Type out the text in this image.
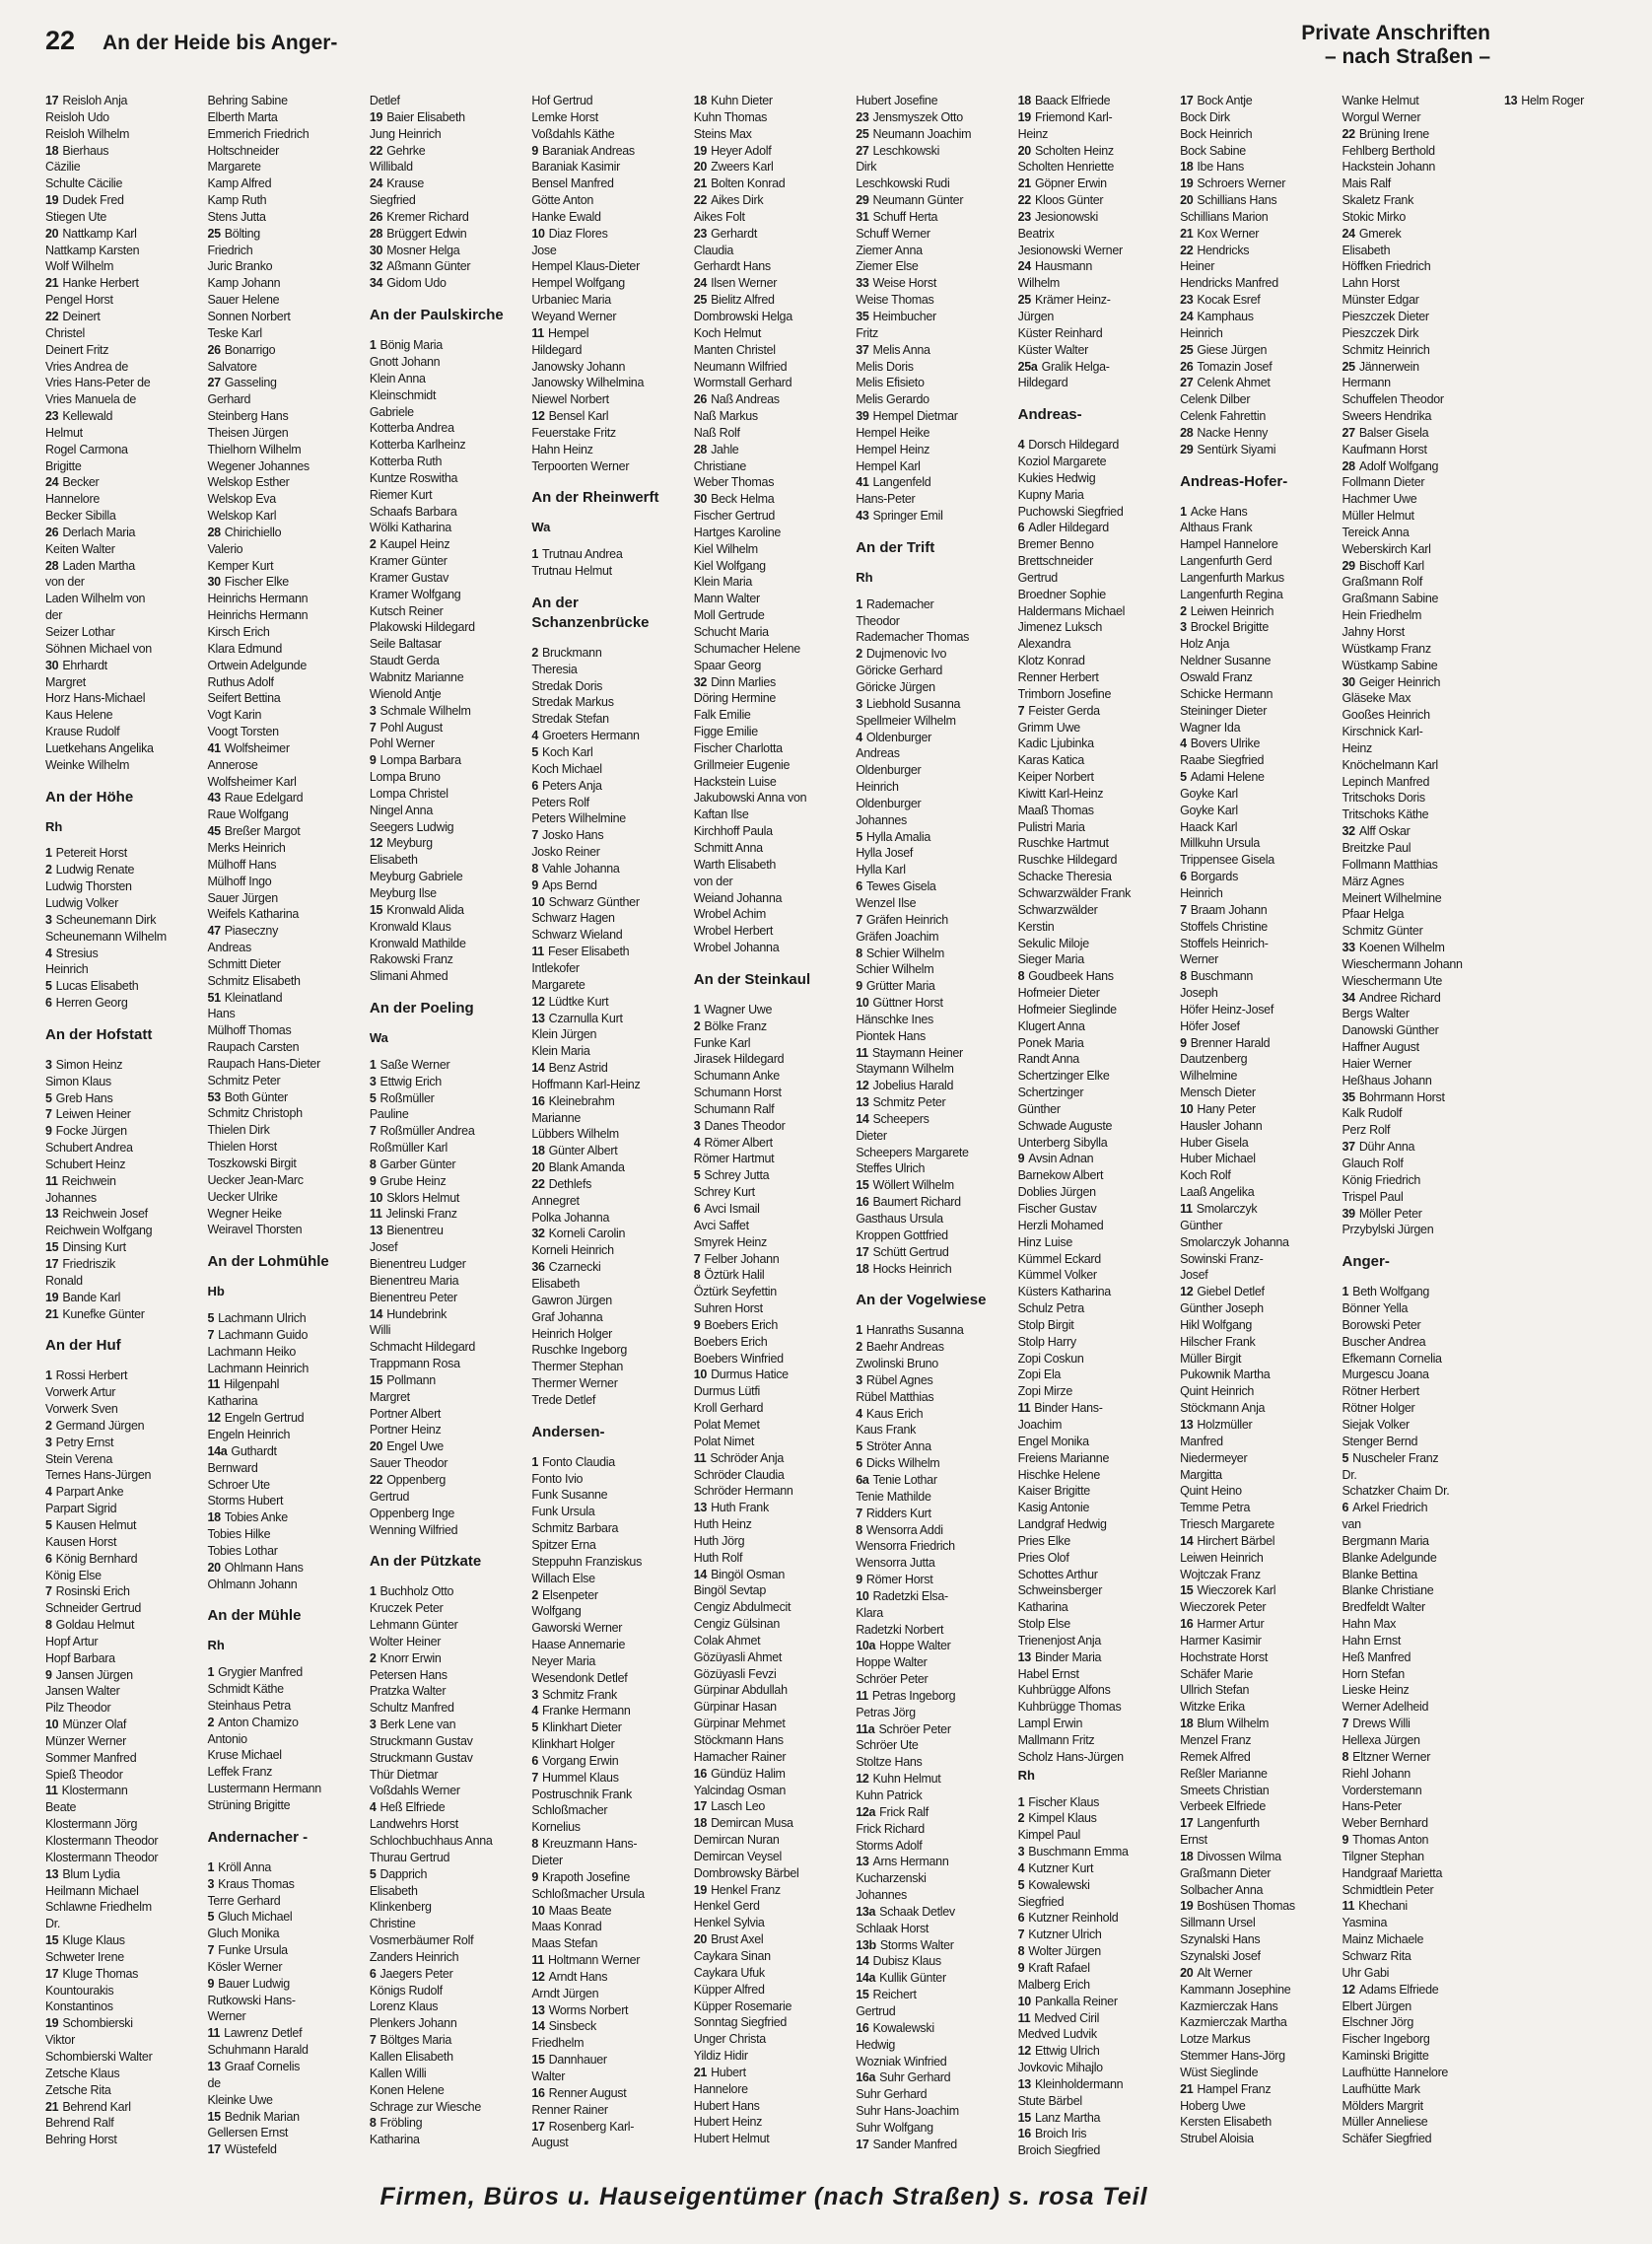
22 An der Heide bis Anger-	Private Anschriften
– nach Straßen –
17 Reisloh Anja
Reisloh Udo
Reisloh Wilhelm
18 Bierhaus
Cäzilie
Schulte Cäcilie
19 Dudek Fred
Stiegen Ute
20 Nattkamp Karl
Nattkamp Karsten
Wolf Wilhelm
21 Hanke Herbert
Pengel Horst
22 Deinert
Christel
Deinert Fritz
Vries Andrea de
Vries Hans-Peter de
Vries Manuela de
23 Kellewald
Helmut
Rogel Carmona
Brigitte
24 Becker
Hannelore
Becker Sibilla
26 Derlach Maria
Keiten Walter
28 Laden Martha
von der
Laden Wilhelm von
der
Seizer Lothar
Söhnen Michael von
30 Ehrhardt
Margret
Horz Hans-Michael
Kaus Helene
Krause Rudolf
Luetkehans Angelika
Weinke Wilhelm
An der Höhe
Rh
1 Petereit Horst
2 Ludwig Renate
Ludwig Thorsten
Ludwig Volker
3 Scheunemann Dirk
Scheunemann Wilhelm
4 Stresius
Heinrich
5 Lucas Elisabeth
6 Herren Georg
An der Hofstatt
3 Simon Heinz
Simon Klaus
5 Greb Hans
7 Leiwen Heiner
9 Focke Jürgen
Schubert Andrea
Schubert Heinz
11 Reichwein
Johannes
13 Reichwein Josef
Reichwein Wolfgang
15 Dinsing Kurt
17 Friedriszik
Ronald
19 Bande Karl
21 Kunefke Günter
An der Huf
1 Rossi Herbert
Vorwerk Artur
Vorwerk Sven
2 Germand Jürgen
3 Petry Ernst
Stein Verena
Ternes Hans-Jürgen
4 Parpart Anke
Parpart Sigrid
5 Kausen Helmut
Kausen Horst
6 König Bernhard
König Else
7 Rosinski Erich
Schneider Gertrud
8 Goldau Helmut
Hopf Artur
Hopf Barbara
9 Jansen Jürgen
Jansen Walter
Pilz Theodor
10 Münzer Olaf
Münzer Werner
Sommer Manfred
Spieß Theodor
11 Klostermann
Beate
Klostermann Jörg
Klostermann Theodor
Klostermann Theodor
13 Blum Lydia
Heilmann Michael
Schlawne Friedhelm
Dr.
15 Kluge Klaus
Schweter Irene
17 Kluge Thomas
Kountourakis
Konstantinos
19 Schombierski
Viktor
Schombierski Walter
Zetsche Klaus
Zetsche Rita
21 Behrend Karl
Behrend Ralf
Behring Horst
Behring Sabine
Elberth Marta
Emmerich Friedrich
Holtschneider
Margarete
Kamp Alfred
Kamp Ruth
Stens Jutta
25 Bölting
Friedrich
Juric Branko
Kamp Johann
Sauer Helene
Sonnen Norbert
Teske Karl
26 Bonarrigo
Salvatore
27 Gasseling
Gerhard
Steinberg Hans
Theisen Jürgen
Thielhorn Wilhelm
Wegener Johannes
Welskop Esther
Welskop Eva
Welskop Karl
28 Chirichiello
Valerio
Kemper Kurt
30 Fischer Elke
Heinrichs Hermann
Heinrichs Hermann
Kirsch Erich
Klara Edmund
Ortwein Adelgunde
Ruthus Adolf
Seifert Bettina
Vogt Karin
Voogt Torsten
41 Wolfsheimer
Annerose
Wolfsheimer Karl
43 Raue Edelgard
Raue Wolfgang
45 Breßer Margot
Merks Heinrich
Mülhoff Hans
Mülhoff Ingo
Sauer Jürgen
Weifels Katharina
47 Piaseczny
Andreas
Schmitt Dieter
Schmitz Elisabeth
51 Kleinatland
Hans
Mülhoff Thomas
Raupach Carsten
Raupach Hans-Dieter
Schmitz Peter
53 Both Günter
Schmitz Christoph
Thielen Dirk
Thielen Horst
Toszkowski Birgit
Uecker Jean-Marc
Uecker Ulrike
Wegner Heike
Weiravel Thorsten
An der Lohmühle
Hb
5 Lachmann Ulrich
7 Lachmann Guido
Lachmann Heiko
Lachmann Heinrich
11 Hilgenpahl
Katharina
12 Engeln Gertrud
Engeln Heinrich
14a Guthardt
Bernward
Schroer Ute
Storms Hubert
18 Tobies Anke
Tobies Hilke
Tobies Lothar
20 Ohlmann Hans
Ohlmann Johann
An der Mühle
Rh
1 Grygier Manfred
Schmidt Käthe
Steinhaus Petra
2 Anton Chamizo
Antonio
Kruse Michael
Leffek Franz
Lustermann Hermann
Strüning Brigitte
Andernacher -
1 Kröll Anna
3 Kraus Thomas
Terre Gerhard
5 Gluch Michael
Gluch Monika
7 Funke Ursula
Kösler Werner
9 Bauer Ludwig
Rutkowski Hans-
Werner
11 Lawrenz Detlef
Schuhmann Harald
13 Graaf Cornelis
de
Kleinke Uwe
15 Bednik Marian
Gellersen Ernst
17 Wüstefeld
Detlef
19 Baier Elisabeth
Jung Heinrich
22 Gehrke
Willibald
24 Krause
Siegfried
26 Kremer Richard
28 Brüggert Edwin
30 Mosner Helga
32 Aßmann Günter
34 Gidom Udo
An der Paulskirche
1 Bönig Maria
Gnott Johann
Klein Anna
Kleinschmidt
Gabriele
Kotterba Andrea
Kotterba Karlheinz
Kotterba Ruth
Kuntze Roswitha
Riemer Kurt
Schaafs Barbara
Wölki Katharina
2 Kaupel Heinz
Kramer Günter
Kramer Gustav
Kramer Wolfgang
Kutsch Reiner
Plakowski Hildegard
Seile Baltasar
Staudt Gerda
Wabnitz Marianne
Wienold Antje
3 Schmale Wilhelm
7 Pohl August
Pohl Werner
9 Lompa Barbara
Lompa Bruno
Lompa Christel
Ningel Anna
Seegers Ludwig
12 Meyburg
Elisabeth
Meyburg Gabriele
Meyburg Ilse
15 Kronwald Alida
Kronwald Klaus
Kronwald Mathilde
Rakowski Franz
Slimani Ahmed
An der Poeling
Wa
1 Saße Werner
3 Ettwig Erich
5 Roßmüller
Pauline
7 Roßmüller Andrea
Roßmüller Karl
8 Garber Günter
9 Grube Heinz
10 Sklors Helmut
11 Jelinski Franz
13 Bienentreu
Josef
Bienentreu Ludger
Bienentreu Maria
Bienentreu Peter
14 Hundebrink
Willi
Schmacht Hildegard
Trappmann Rosa
15 Pollmann
Margret
Portner Albert
Portner Heinz
20 Engel Uwe
Sauer Theodor
22 Oppenberg
Gertrud
Oppenberg Inge
Wenning Wilfried
An der Pützkate
1 Buchholz Otto
Kruczek Peter
Lehmann Günter
Wolter Heiner
2 Knorr Erwin
Petersen Hans
Pratzka Walter
Schultz Manfred
3 Berk Lene van
Struckmann Gustav
Struckmann Gustav
Thür Dietmar
Voßdahls Werner
4 Heß Elfriede
Landwehrs Horst
Schlochbuchhaus Anna
Thurau Gertrud
5 Dapprich
Elisabeth
Klinkenberg
Christine
Vosmerbäumer Rolf
Zanders Heinrich
6 Jaegers Peter
Königs Rudolf
Lorenz Klaus
Plenkers Johann
7 Böltges Maria
Kallen Elisabeth
Kallen Willi
Konen Helene
Schrage zur Wiesche
8 Fröbling
Katharina
Hof Gertrud
Lemke Horst
Voßdahls Käthe
9 Baraniak Andreas
Baraniak Kasimir
Bensel Manfred
Götte Anton
Hanke Ewald
10 Diaz Flores
Jose
Hempel Klaus-Dieter
Hempel Wolfgang
Urbaniec Maria
Weyand Werner
11 Hempel
Hildegard
Janowsky Johann
Janowsky Wilhelmina
Niewel Norbert
12 Bensel Karl
Feuerstake Fritz
Hahn Heinz
Terpoorten Werner
An der Rheinwerft
Wa
1 Trutnau Andrea
Trutnau Helmut
An der Schanzenbrücke
2 Bruckmann
Theresia
Stredak Doris
Stredak Markus
Stredak Stefan
4 Groeters Hermann
5 Koch Karl
Koch Michael
6 Peters Anja
Peters Rolf
Peters Wilhelmine
7 Josko Hans
Josko Reiner
8 Vahle Johanna
9 Aps Bernd
10 Schwarz Günther
Schwarz Hagen
Schwarz Wieland
11 Feser Elisabeth
Intlekofer
Margarete
12 Lüdtke Kurt
13 Czarnulla Kurt
Klein Jürgen
Klein Maria
14 Benz Astrid
Hoffmann Karl-Heinz
16 Kleinebrahm
Marianne
Lübbers Wilhelm
18 Günter Albert
20 Blank Amanda
22 Dethlefs
Annegret
Polka Johanna
32 Korneli Carolin
Korneli Heinrich
36 Czarnecki
Elisabeth
Gawron Jürgen
Graf Johanna
Heinrich Holger
Ruschke Ingeborg
Thermer Stephan
Thermer Werner
Trede Detlef
Andersen-
1 Fonto Claudia
Fonto Ivio
Funk Susanne
Funk Ursula
Schmitz Barbara
Spitzer Erna
Steppuhn Franziskus
Willach Else
2 Elsenpeter
Wolfgang
Gaworski Werner
Haase Annemarie
Neyer Maria
Wesendonk Detlef
3 Schmitz Frank
4 Franke Hermann
5 Klinkhart Dieter
Klinkhart Holger
6 Vorgang Erwin
7 Hummel Klaus
Postruschnik Frank
Schloßmacher
Kornelius
8 Kreuzmann Hans-
Dieter
9 Krapoth Josefine
Schloßmacher Ursula
10 Maas Beate
Maas Konrad
Maas Stefan
11 Holtmann Werner
12 Arndt Hans
Arndt Jürgen
13 Worms Norbert
14 Sinsbeck
Friedhelm
15 Dannhauer
Walter
16 Renner August
Renner Rainer
17 Rosenberg Karl-
August
18 Kuhn Dieter
Kuhn Thomas
Steins Max
19 Heyer Adolf
20 Zweers Karl
21 Bolten Konrad
22 Aikes Dirk
Aikes Folt
23 Gerhardt
Claudia
Gerhardt Hans
24 Ilsen Werner
25 Bielitz Alfred
Dombrowski Helga
Koch Helmut
Manten Christel
Neumann Wilfried
Wormstall Gerhard
26 Naß Andreas
Naß Markus
Naß Rolf
28 Jahle
Christiane
Weber Thomas
30 Beck Helma
Fischer Gertrud
Hartges Karoline
Kiel Wilhelm
Kiel Wolfgang
Klein Maria
Mann Walter
Moll Gertrude
Schucht Maria
Schumacher Helene
Spaar Georg
32 Dinn Marlies
Döring Hermine
Falk Emilie
Figge Emilie
Fischer Charlotta
Grillmeier Eugenie
Hackstein Luise
Jakubowski Anna von
Kaftan Ilse
Kirchhoff Paula
Schmitt Anna
Warth Elisabeth
von der
Weiand Johanna
Wrobel Achim
Wrobel Herbert
Wrobel Johanna
An der Steinkaul
1 Wagner Uwe
2 Bölke Franz
Funke Karl
Jirasek Hildegard
Schumann Anke
Schumann Horst
Schumann Ralf
3 Danes Theodor
4 Römer Albert
Römer Hartmut
5 Schrey Jutta
Schrey Kurt
6 Avci Ismail
Avci Saffet
Smyrek Heinz
7 Felber Johann
8 Öztürk Halil
Öztürk Seyfettin
Suhren Horst
9 Boebers Erich
Boebers Erich
Boebers Winfried
10 Durmus Hatice
Durmus Lütfi
Kroll Gerhard
Polat Memet
Polat Nimet
11 Schröder Anja
Schröder Claudia
Schröder Hermann
13 Huth Frank
Huth Heinz
Huth Jörg
Huth Rolf
14 Bingöl Osman
Bingöl Sevtap
Cengiz Abdulmecit
Cengiz Gülsinan
Colak Ahmet
Gözüyasli Ahmet
Gözüyasli Fevzi
Gürpinar Abdullah
Gürpinar Hasan
Gürpinar Mehmet
Stöckmann Hans
Hamacher Rainer
16 Gündüz Halim
Yalcindag Osman
17 Lasch Leo
18 Demircan Musa
Demircan Nuran
Demircan Veysel
Dombrowsky Bärbel
19 Henkel Franz
Henkel Gerd
Henkel Sylvia
20 Brust Axel
Caykara Sinan
Caykara Ufuk
Küpper Alfred
Küpper Rosemarie
Sonntag Siegfried
Unger Christa
Yildiz Hidir
21 Hubert
Hannelore
Hubert Hans
Hubert Heinz
Hubert Helmut
Hubert Josefine
23 Jensmyszek Otto
25 Neumann Joachim
27 Leschkowski
Dirk
Leschkowski Rudi
29 Neumann Günter
31 Schuff Herta
Schuff Werner
Ziemer Anna
Ziemer Else
33 Weise Horst
Weise Thomas
35 Heimbucher
Fritz
37 Melis Anna
Melis Doris
Melis Efisieto
Melis Gerardo
39 Hempel Dietmar
Hempel Heike
Hempel Heinz
Hempel Karl
41 Langenfeld
Hans-Peter
43 Springer Emil
An der Trift
Rh
1 Rademacher
Theodor
Rademacher Thomas
2 Dujmenovic Ivo
Göricke Gerhard
Göricke Jürgen
3 Liebhold Susanna
Spellmeier Wilhelm
4 Oldenburger
Andreas
Oldenburger
Heinrich
Oldenburger
Johannes
5 Hylla Amalia
Hylla Josef
Hylla Karl
6 Tewes Gisela
Wenzel Ilse
7 Gräfen Heinrich
Gräfen Joachim
8 Schier Wilhelm
Schier Wilhelm
9 Grütter Maria
10 Güttner Horst
Hänschke Ines
Piontek Hans
11 Staymann Heiner
Staymann Wilhelm
12 Jobelius Harald
13 Schmitz Peter
14 Scheepers
Dieter
Scheepers Margarete
Steffes Ulrich
15 Wöllert Wilhelm
16 Baumert Richard
Gasthaus Ursula
Kroppen Gottfried
17 Schütt Gertrud
18 Hocks Heinrich
An der Vogelwiese
1 Hanraths Susanna
2 Baehr Andreas
Zwolinski Bruno
3 Rübel Agnes
Rübel Matthias
4 Kaus Erich
Kaus Frank
5 Ströter Anna
6 Dicks Wilhelm
6a Tenie Lothar
Tenie Mathilde
7 Ridders Kurt
8 Wensorra Addi
Wensorra Friedrich
Wensorra Jutta
9 Römer Horst
10 Radetzki Elsa-
Klara
Radetzki Norbert
10a Hoppe Walter
Hoppe Walter
Schröer Peter
11 Petras Ingeborg
Petras Jörg
11a Schröer Peter
Schröer Ute
Stoltze Hans
12 Kuhn Helmut
Kuhn Patrick
12a Frick Ralf
Frick Richard
Storms Adolf
13 Arns Hermann
Kucharzenski
Johannes
13a Schaak Detlev
Schlaak Horst
13b Storms Walter
14 Dubisz Klaus
14a Kullik Günter
15 Reichert
Gertrud
16 Kowalewski
Hedwig
Wozniak Winfried
16a Suhr Gerhard
Suhr Gerhard
Suhr Hans-Joachim
Suhr Wolfgang
17 Sander Manfred
18 Baack Elfriede
19 Friemond Karl-
Heinz
20 Scholten Heinz
Scholten Henriette
21 Göpner Erwin
22 Kloos Günter
23 Jesionowski
Beatrix
Jesionowski Werner
24 Hausmann
Wilhelm
25 Krämer Heinz-
Jürgen
Küster Reinhard
Küster Walter
25a Gralik Helga-
Hildegard
Andreas-
4 Dorsch Hildegard
Koziol Margarete
Kukies Hedwig
Kupny Maria
Puchowski Siegfried
6 Adler Hildegard
Bremer Benno
Brettschneider
Gertrud
Broedner Sophie
Haldermans Michael
Jimenez Luksch
Alexandra
Klotz Konrad
Renner Herbert
Trimborn Josefine
7 Feister Gerda
Grimm Uwe
Kadic Ljubinka
Karas Katica
Keiper Norbert
Kiwitt Karl-Heinz
Maaß Thomas
Pulistri Maria
Ruschke Hartmut
Ruschke Hildegard
Schacke Theresia
Schwarzwälder Frank
Schwarzwälder
Kerstin
Sekulic Miloje
Sieger Maria
8 Goudbeek Hans
Hofmeier Dieter
Hofmeier Sieglinde
Klugert Anna
Ponek Maria
Randt Anna
Schertzinger Elke
Schertzinger
Günther
Schwade Auguste
Unterberg Sibylla
9 Avsin Adnan
Barnekow Albert
Doblies Jürgen
Fischer Gustav
Herzli Mohamed
Hinz Luise
Kümmel Eckard
Kümmel Volker
Küsters Katharina
Schulz Petra
Stolp Birgit
Stolp Harry
Zopi Coskun
Zopi Ela
Zopi Mirze
11 Binder Hans-
Joachim
Engel Monika
Freiens Marianne
Hischke Helene
Kaiser Brigitte
Kasig Antonie
Landgraf Hedwig
Pries Elke
Pries Olof
Schottes Arthur
Schweinsberger
Katharina
Stolp Else
Trienenjost Anja
13 Binder Maria
Habel Ernst
Kuhbrügge Alfons
Kuhbrügge Thomas
Lampl Erwin
Mallmann Fritz
Scholz Hans-Jürgen
Rh
1 Fischer Klaus
2 Kimpel Klaus
Kimpel Paul
3 Buschmann Emma
4 Kutzner Kurt
5 Kowalewski
Siegfried
6 Kutzner Reinhold
7 Kutzner Ulrich
8 Wolter Jürgen
9 Kraft Rafael
Malberg Erich
10 Pankalla Reiner
11 Medved Ciril
Medved Ludvik
12 Ettwig Ulrich
Jovkovic Mihajlo
13 Kleinholdermann
Stute Bärbel
15 Lanz Martha
16 Broich Iris
Broich Siegfried
17 Bock Antje
Bock Dirk
Bock Heinrich
Bock Sabine
18 Ibe Hans
19 Schroers Werner
20 Schillians Hans
Schillians Marion
21 Kox Werner
22 Hendricks
Heiner
Hendricks Manfred
23 Kocak Esref
24 Kamphaus
Heinrich
25 Giese Jürgen
26 Tomazin Josef
27 Celenk Ahmet
Celenk Dilber
Celenk Fahrettin
28 Nacke Henny
29 Sentürk Siyami
Andreas-Hofer-
1 Acke Hans
Althaus Frank
Hampel Hannelore
Langenfurth Gerd
Langenfurth Markus
Langenfurth Regina
2 Leiwen Heinrich
3 Brockel Brigitte
Holz Anja
Neldner Susanne
Oswald Franz
Schicke Hermann
Steininger Dieter
Wagner Ida
4 Bovers Ulrike
Raabe Siegfried
5 Adami Helene
Goyke Karl
Goyke Karl
Haack Karl
Millkuhn Ursula
Trippensee Gisela
6 Borgards
Heinrich
7 Braam Johann
Stoffels Christine
Stoffels Heinrich-
Werner
8 Buschmann
Joseph
Höfer Heinz-Josef
Höfer Josef
9 Brenner Harald
Dautzenberg
Wilhelmine
Mensch Dieter
10 Hany Peter
Hausler Johann
Huber Gisela
Huber Michael
Koch Rolf
Laaß Angelika
11 Smolarczyk
Günther
Smolarczyk Johanna
Sowinski Franz-
Josef
12 Giebel Detlef
Günther Joseph
Hikl Wolfgang
Hilscher Frank
Müller Birgit
Pukownik Martha
Quint Heinrich
Stöckmann Anja
13 Holzmüller
Manfred
Niedermeyer
Margitta
Quint Heino
Temme Petra
Triesch Margarete
14 Hirchert Bärbel
Leiwen Heinrich
Wojtczak Franz
15 Wieczorek Karl
Wieczorek Peter
16 Harmer Artur
Harmer Kasimir
Hochstrate Horst
Schäfer Marie
Ullrich Stefan
Witzke Erika
18 Blum Wilhelm
Menzel Franz
Remek Alfred
Reßler Marianne
Smeets Christian
Verbeek Elfriede
17 Langenfurth
Ernst
18 Divossen Wilma
Graßmann Dieter
Solbacher Anna
19 Boshüsen Thomas
Sillmann Ursel
Szynalski Hans
Szynalski Josef
20 Alt Werner
Kammann Josephine
Kazmierczak Hans
Kazmierczak Martha
Lotze Markus
Stemmer Hans-Jörg
Wüst Sieglinde
21 Hampel Franz
Hoberg Uwe
Kersten Elisabeth
Strubel Aloisia
Wanke Helmut
Worgul Werner
22 Brüning Irene
Fehlberg Berthold
Hackstein Johann
Mais Ralf
Skaletz Frank
Stokic Mirko
24 Gmerek
Elisabeth
Höffken Friedrich
Lahn Horst
Münster Edgar
Pieszczek Dieter
Pieszczek Dirk
Schmitz Heinrich
25 Jännerwein
Hermann
Schuffelen Theodor
Sweers Hendrika
27 Balser Gisela
Kaufmann Horst
28 Adolf Wolfgang
Follmann Dieter
Hachmer Uwe
Müller Helmut
Tereick Anna
Weberskirch Karl
29 Bischoff Karl
Graßmann Rolf
Graßmann Sabine
Hein Friedhelm
Jahny Horst
Wüstkamp Franz
Wüstkamp Sabine
30 Geiger Heinrich
Gläseke Max
Gooßes Heinrich
Kirschnick Karl-
Heinz
Knöchelmann Karl
Lepinch Manfred
Tritschoks Doris
Tritschoks Käthe
32 Alff Oskar
Breitzke Paul
Follmann Matthias
März Agnes
Meinert Wilhelmine
Pfaar Helga
Schmitz Günter
33 Koenen Wilhelm
Wieschermann Johann
Wieschermann Ute
34 Andree Richard
Bergs Walter
Danowski Günther
Haffner August
Haier Werner
Heßhaus Johann
35 Bohrmann Horst
Kalk Rudolf
Perz Rolf
37 Dühr Anna
Glauch Rolf
König Friedrich
Trispel Paul
39 Möller Peter
Przybylski Jürgen
Anger-
1 Beth Wolfgang
Bönner Yella
Borowski Peter
Buscher Andrea
Efkemann Cornelia
Murgescu Joana
Rötner Herbert
Rötner Holger
Siejak Volker
Stenger Bernd
5 Nuscheler Franz
Dr.
Schatzker Chaim Dr.
6 Arkel Friedrich
van
Bergmann Maria
Blanke Adelgunde
Blanke Bettina
Blanke Christiane
Bredfeldt Walter
Hahn Max
Hahn Ernst
Heß Manfred
Horn Stefan
Lieske Heinz
Werner Adelheid
7 Drews Willi
Hellexa Jürgen
8 Eltzner Werner
Riehl Johann
Vorderstemann
Hans-Peter
Weber Bernhard
9 Thomas Anton
Tilgner Stephan
Handgraaf Marietta
Schmidtlein Peter
11 Khechani
Yasmina
Mainz Michaele
Schwarz Rita
Uhr Gabi
12 Adams Elfriede
Elbert Jürgen
Elschner Jörg
Fischer Ingeborg
Kaminski Brigitte
Laufhütte Hannelore
Laufhütte Mark
Mölders Margrit
Müller Anneliese
Schäfer Siegfried
13 Helm Roger
Firmen, Büros u. Hauseigentümer (nach Straßen) s. rosa Teil
